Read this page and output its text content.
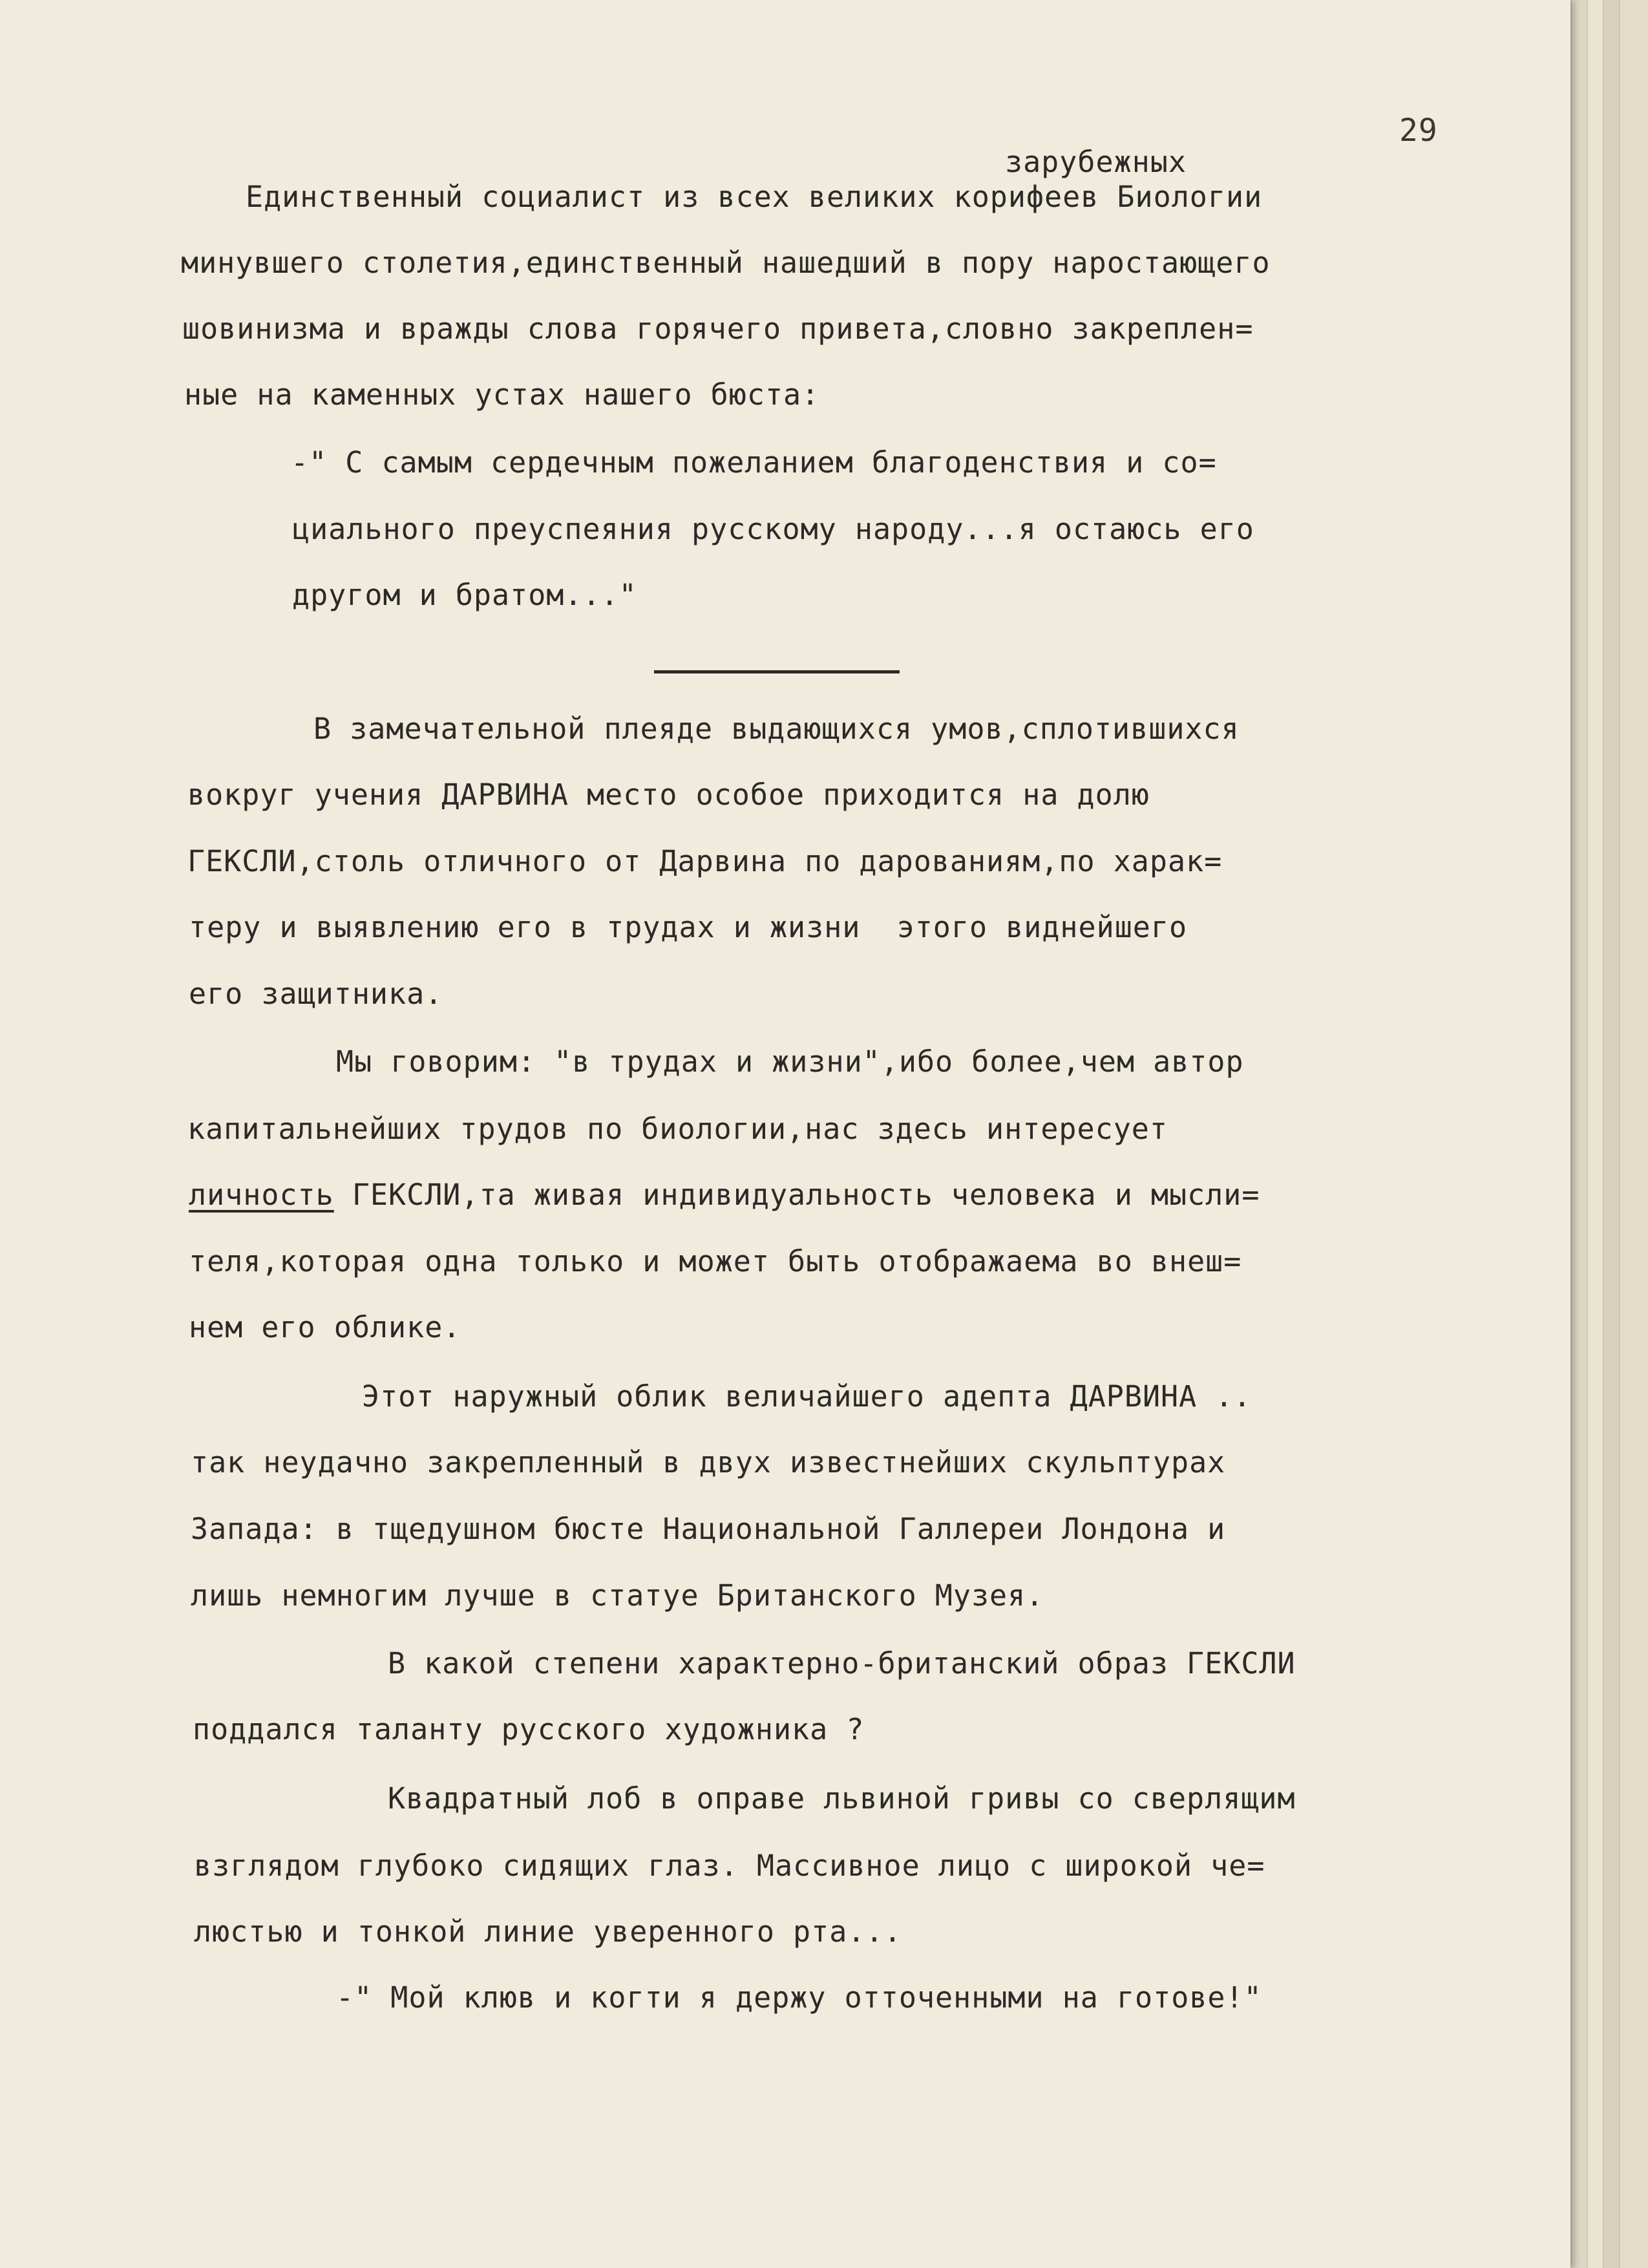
29
зарубежных
Единственный социалист из всех великих корифеев Биологии
минувшего столетия,единственный нашедший в пору наростающего
шовинизма и вражды слова горячего привета,словно закреплен=
ные на каменных устах нашего бюста:
-" С самым сердечным пожеланием благоденствия и со=
циального преуспеяния русскому народу...я остаюсь его
другом и братом..."
В замечательной плеяде выдающихся умов,сплотившихся
вокруг учения ДАРВИНА место особое приходится на долю
ГЕКСЛИ,столь отличного от Дарвина по дарованиям,по харак=
теру и выявлению его в трудах и жизни  этого виднейшего
его защитника.
Мы говорим: "в трудах и жизни",ибо более,чем автор
капитальнейших трудов по биологии,нас здесь интересует
личность ГЕКСЛИ,та живая индивидуальность человека и мысли=
теля,которая одна только и может быть отображаема во внеш=
нем его облике.
Этот наружный облик величайшего адепта ДАРВИНА ..
так неудачно закрепленный в двух известнейших скульптурах
Запада: в тщедушном бюсте Национальной Галлереи Лондона и
лишь немногим лучше в статуе Британского Музея.
В какой степени характерно-британский образ ГЕКСЛИ
поддался таланту русского художника ?
Квадратный лоб в оправе львиной гривы со сверлящим
взглядом глубоко сидящих глаз. Массивное лицо с широкой че=
люстью и тонкой линие уверенного рта...
-" Мой клюв и когти я держу отточенными на готове!"
